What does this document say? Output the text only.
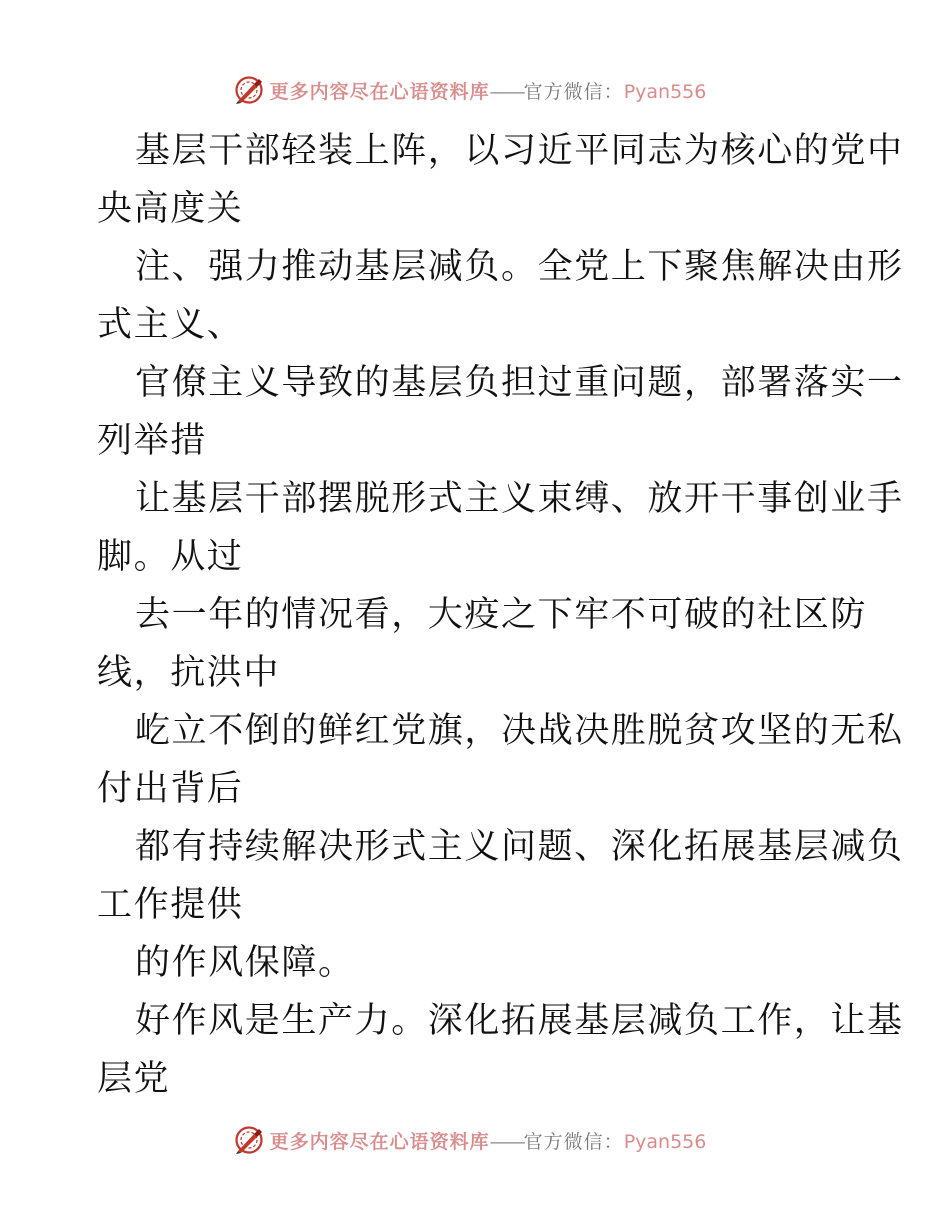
更多内容尽在心语资料库——官方微信：Pyan556
基层干部轻装上阵，以习近平同志为核心的党中
央高度关
注、强力推动基层减负。全党上下聚焦解决由形
式主义、
官僚主义导致的基层负担过重问题，部署落实一
列举措
让基层干部摆脱形式主义束缚、放开干事创业手
脚。从过
去一年的情况看，大疫之下牢不可破的社区防
线，抗洪中
屹立不倒的鲜红党旗，决战决胜脱贫攻坚的无私
付出背后
都有持续解决形式主义问题、深化拓展基层减负
工作提供
的作风保障。
好作风是生产力。深化拓展基层减负工作，让基
层党
更多内容尽在心语资料库——官方微信：Pyan556
